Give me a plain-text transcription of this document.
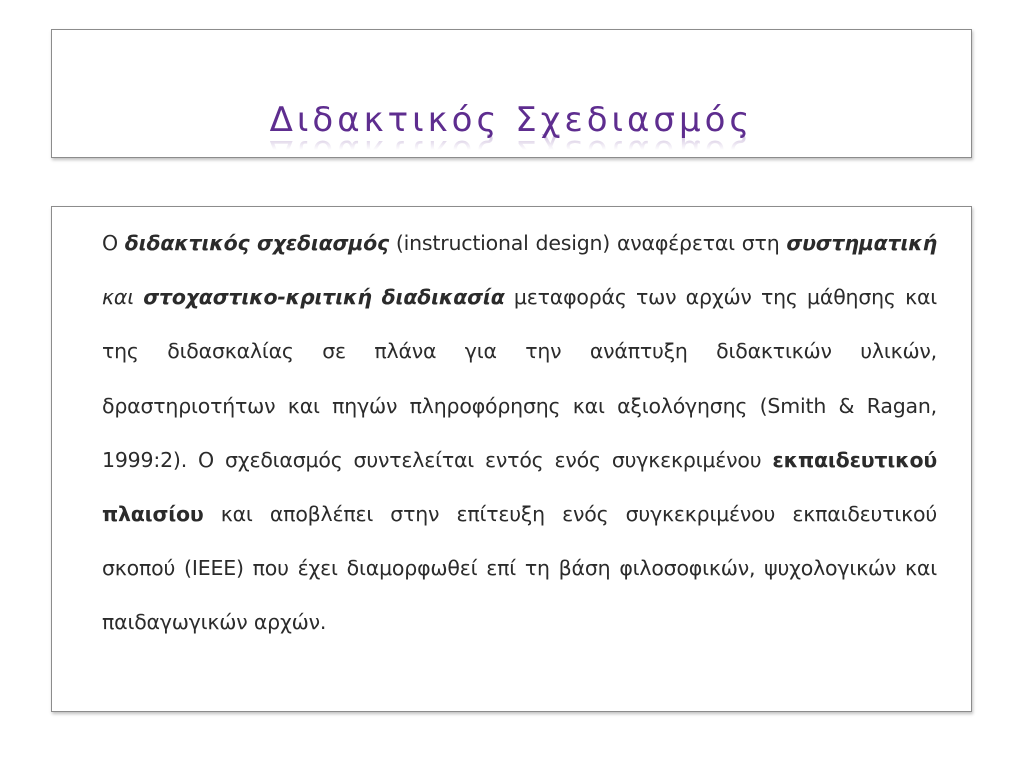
Διδακτικός Σχεδιασμός

Ο διδακτικός σχεδιασμός (instructional design) αναφέρεται στη συστηματική και στοχαστικο-κριτική διαδικασία μεταφοράς των αρχών της μάθησης και της διδασκαλίας σε πλάνα για την ανάπτυξη διδακτικών υλικών, δραστηριοτήτων και πηγών πληροφόρησης και αξιολόγησης (Smith & Ragan, 1999:2). Ο σχεδιασμός συντελείται εντός ενός συγκεκριμένου εκπαιδευτικού πλαισίου και αποβλέπει στην επίτευξη ενός συγκεκριμένου εκπαιδευτικού σκοπού (IEEE) που έχει διαμορφωθεί επί τη βάση φιλοσοφικών, ψυχολογικών και παιδαγωγικών αρχών.
